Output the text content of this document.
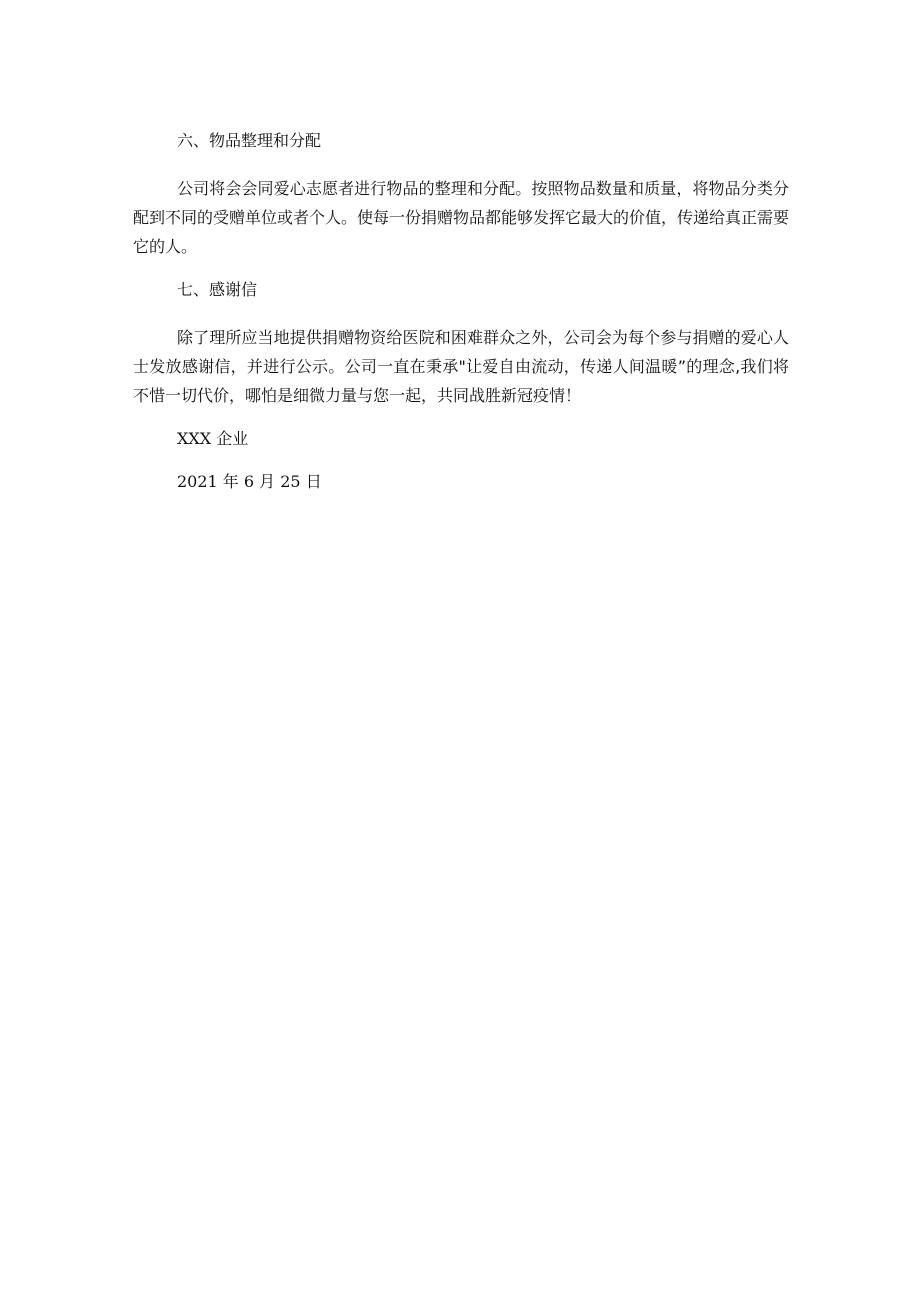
六、物品整理和分配

公司将会会同爱心志愿者进行物品的整理和分配。按照物品数量和质量，将物品分类分配到不同的受赠单位或者个人。使每一份捐赠物品都能够发挥它最大的价值，传递给真正需要它的人。

七、感谢信

除了理所应当地提供捐赠物资给医院和困难群众之外，公司会为每个参与捐赠的爱心人士发放感谢信，并进行公示。公司一直在秉承"让爱自由流动，传递人间温暖”的理念,我们将不惜一切代价，哪怕是细微力量与您一起，共同战胜新冠疫情！

XXX 企业

2021 年 6 月 25 日
